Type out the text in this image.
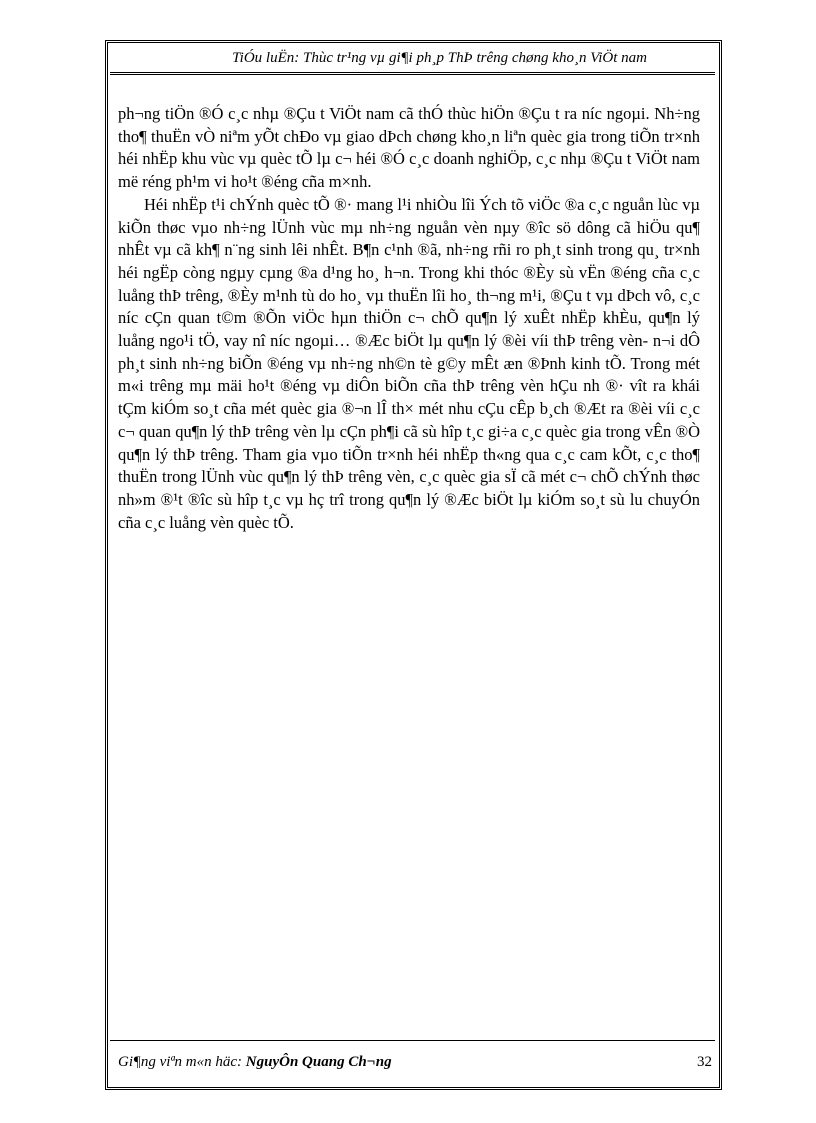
TiÓu luËn: Thùc tr¹ng vµ gi¶i ph¸p ThÞ trêng chøng kho¸n ViÖt nam

ph¬ng tiÖn ®Ó c¸c nhµ ®Çu t ViÖt nam cã thÓ thùc hiÖn ®Çu t ra níc ngoµi. Nh÷ng tho¶ thuËn vÒ niªm yÕt chÐo vµ giao dÞch chøng kho¸n liªn quèc gia trong tiÕn tr×nh héi nhËp khu vùc vµ quèc tÕ lµ c¬ héi ®Ó c¸c doanh nghiÖp, c¸c nhµ ®Çu t ViÖt nam më réng ph¹m vi ho¹t ®éng cña m×nh.

Héi nhËp t¹i chÝnh quèc tÕ ®· mang l¹i nhiÒu lîi Ých tõ viÖc ®a c¸c nguån lùc vµ kiÕn thøc vµo nh÷ng lÜnh vùc mµ nh÷ng nguån vèn nµy ®îc sö dông cã hiÖu qu¶ nhÊt vµ cã kh¶ n¨ng sinh lêi nhÊt. B¶n c¹nh ®ã, nh÷ng rñi ro ph¸t sinh trong qu¸ tr×nh héi ngËp còng ngµy cµng ®a d¹ng ho¸ h¬n. Trong khi thóc ®Èy sù vËn ®éng cña c¸c luång thÞ trêng, ®Èy m¹nh tù do ho¸ vµ thuËn lîi ho¸ th¬ng m¹i, ®Çu t vµ dÞch vô, c¸c níc cÇn quan t©m ®Õn viÖc hµn thiÖn c¬ chÕ qu¶n lý xuÊt nhËp khÈu, qu¶n lý luång ngo¹i tÖ, vay nî níc ngoµi… ®Æc biÖt lµ qu¶n lý ®èi víi thÞ trêng vèn- n¬i dÔ ph¸t sinh nh÷ng biÕn ®éng vµ nh÷ng nh©n tè g©y mÊt æn ®Þnh kinh tÕ. Trong mét m«i trêng mµ mäi ho¹t ®éng vµ diÔn biÕn cña thÞ trêng vèn hÇu nh ®· vît ra khái tÇm kiÓm so¸t cña mét quèc gia ®¬n lÎ th× mét nhu cÇu cÊp b¸ch ®Æt ra ®èi víi c¸c c¬ quan qu¶n lý thÞ trêng vèn lµ cÇn ph¶i cã sù hîp t¸c gi÷a c¸c quèc gia trong vÊn ®Ò qu¶n lý thÞ trêng. Tham gia vµo tiÕn tr×nh héi nhËp th«ng qua c¸c cam kÕt, c¸c tho¶ thuËn trong lÜnh vùc qu¶n lý thÞ trêng vèn, c¸c quèc gia sÏ cã mét c¬ chÕ chÝnh thøc nh»m ®¹t ®îc sù hîp t¸c vµ hç trî trong qu¶n lý ®Æc biÖt lµ kiÓm so¸t sù lu chuyÓn cña c¸c luång vèn quèc tÕ.

Gi¶ng viªn m«n häc: NguyÔn Quang Ch¬ng	32
